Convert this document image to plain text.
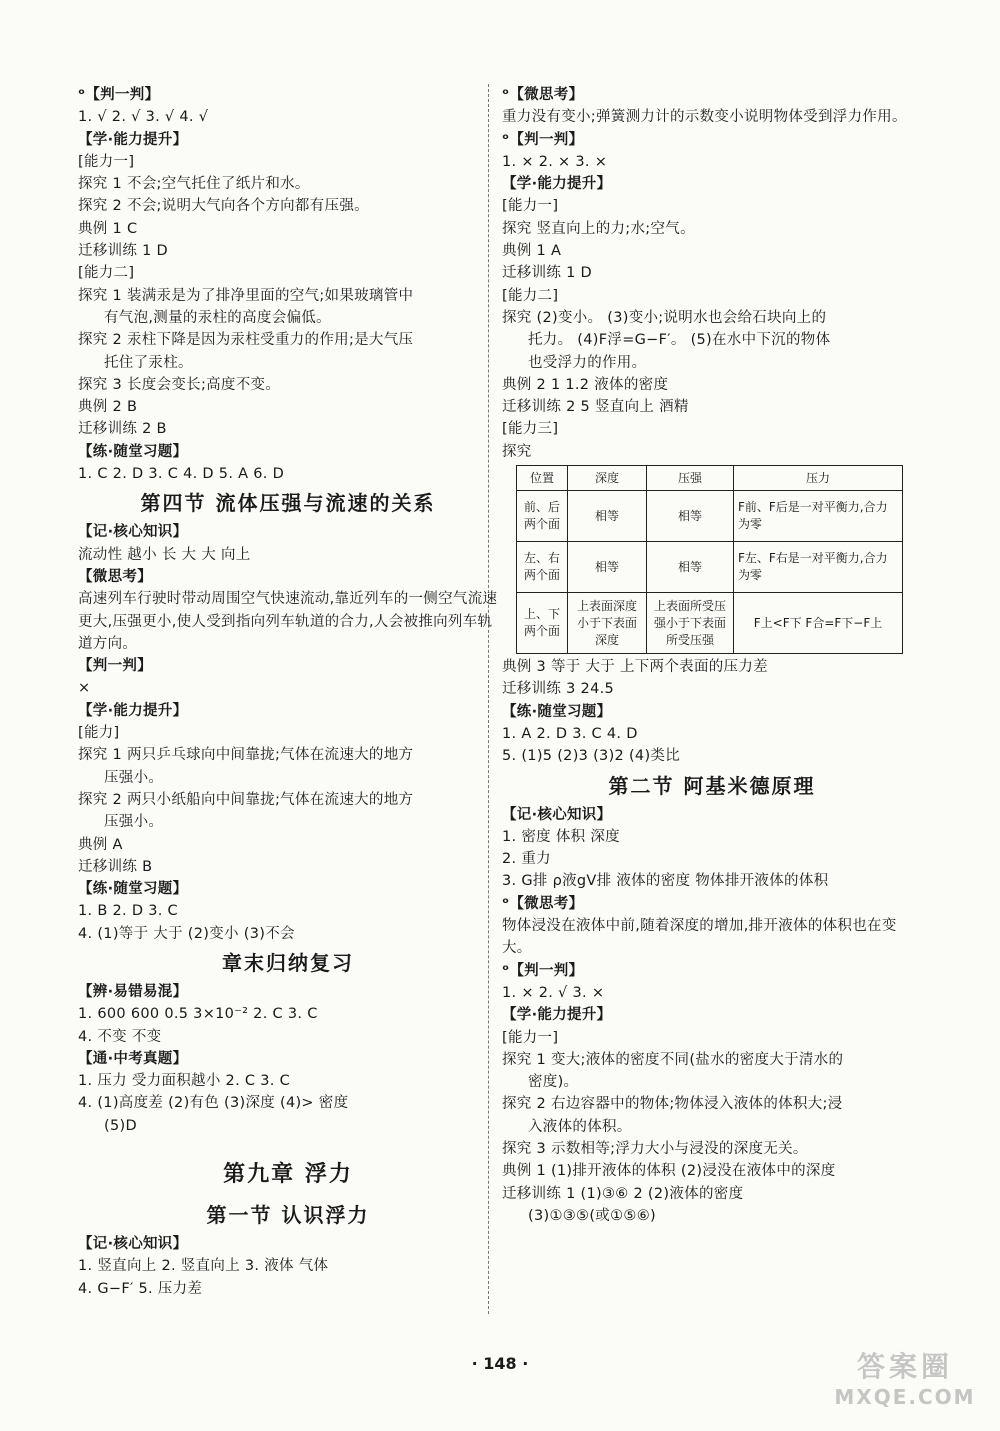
ᵒ【判一判】
1. √ 2. √ 3. √ 4. √
【学·能力提升】
[能力一]
探究 1 不会;空气托住了纸片和水。
探究 2 不会;说明大气向各个方向都有压强。
典例 1 C
迁移训练 1 D
[能力二]
探究 1 装满汞是为了排净里面的空气;如果玻璃管中
有气泡,测量的汞柱的高度会偏低。
探究 2 汞柱下降是因为汞柱受重力的作用;是大气压
托住了汞柱。
探究 3 长度会变长;高度不变。
典例 2 B
迁移训练 2 B
【练·随堂习题】
1. C 2. D 3. C 4. D 5. A 6. D
第四节 流体压强与流速的关系
【记·核心知识】
流动性 越小 长 大 大 向上
【微思考】
高速列车行驶时带动周围空气快速流动,靠近列车的一侧空气流速更大,压强更小,使人受到指向列车轨道的合力,人会被推向列车轨道方向。
【判一判】
×
【学·能力提升】
[能力]
探究 1 两只乒乓球向中间靠拢;气体在流速大的地方
压强小。
探究 2 两只小纸船向中间靠拢;气体在流速大的地方
压强小。
典例 A
迁移训练 B
【练·随堂习题】
1. B 2. D 3. C
4. (1)等于 大于 (2)变小 (3)不会
章末归纳复习
【辨·易错易混】
1. 600 600 0.5 3×10⁻² 2. C 3. C
4. 不变 不变
【通·中考真题】
1. 压力 受力面积越小 2. C 3. C
4. (1)高度差 (2)有色 (3)深度 (4)> 密度
(5)D
第九章 浮力
第一节 认识浮力
【记·核心知识】
1. 竖直向上 2. 竖直向上 3. 液体 气体
4. G−F′ 5. 压力差
ᵒ【微思考】
重力没有变小;弹簧测力计的示数变小说明物体受到浮力作用。
ᵒ【判一判】
1. × 2. × 3. ×
【学·能力提升】
[能力一]
探究 竖直向上的力;水;空气。
典例 1 A
迁移训练 1 D
[能力二]
探究 (2)变小。 (3)变小;说明水也会给石块向上的
托力。 (4)F浮=G−F′。 (5)在水中下沉的物体
也受浮力的作用。
典例 2 1 1.2 液体的密度
迁移训练 2 5 竖直向上 酒精
[能力三]
探究
位置	深度	压强	压力
前、后两个面	相等	相等	F前、F后是一对平衡力,合力为零
左、右两个面	相等	相等	F左、F右是一对平衡力,合力为零
上、下两个面	上表面深度小于下表面深度	上表面所受压强小于下表面所受压强	F上<F下 F合=F下−F上
典例 3 等于 大于 上下两个表面的压力差
迁移训练 3 24.5
【练·随堂习题】
1. A 2. D 3. C 4. D
5. (1)5 (2)3 (3)2 (4)类比
第二节 阿基米德原理
【记·核心知识】
1. 密度 体积 深度
2. 重力
3. G排 ρ液gV排 液体的密度 物体排开液体的体积
ᵒ【微思考】
物体浸没在液体中前,随着深度的增加,排开液体的体积也在变大。
ᵒ【判一判】
1. × 2. √ 3. ×
【学·能力提升】
[能力一]
探究 1 变大;液体的密度不同(盐水的密度大于清水的
密度)。
探究 2 右边容器中的物体;物体浸入液体的体积大;浸
入液体的体积。
探究 3 示数相等;浮力大小与浸没的深度无关。
典例 1 (1)排开液体的体积 (2)浸没在液体中的深度
迁移训练 1 (1)③⑥ 2 (2)液体的密度
(3)①③⑤(或①⑤⑥)
· 148 ·	答案圈
MXQE.COM
